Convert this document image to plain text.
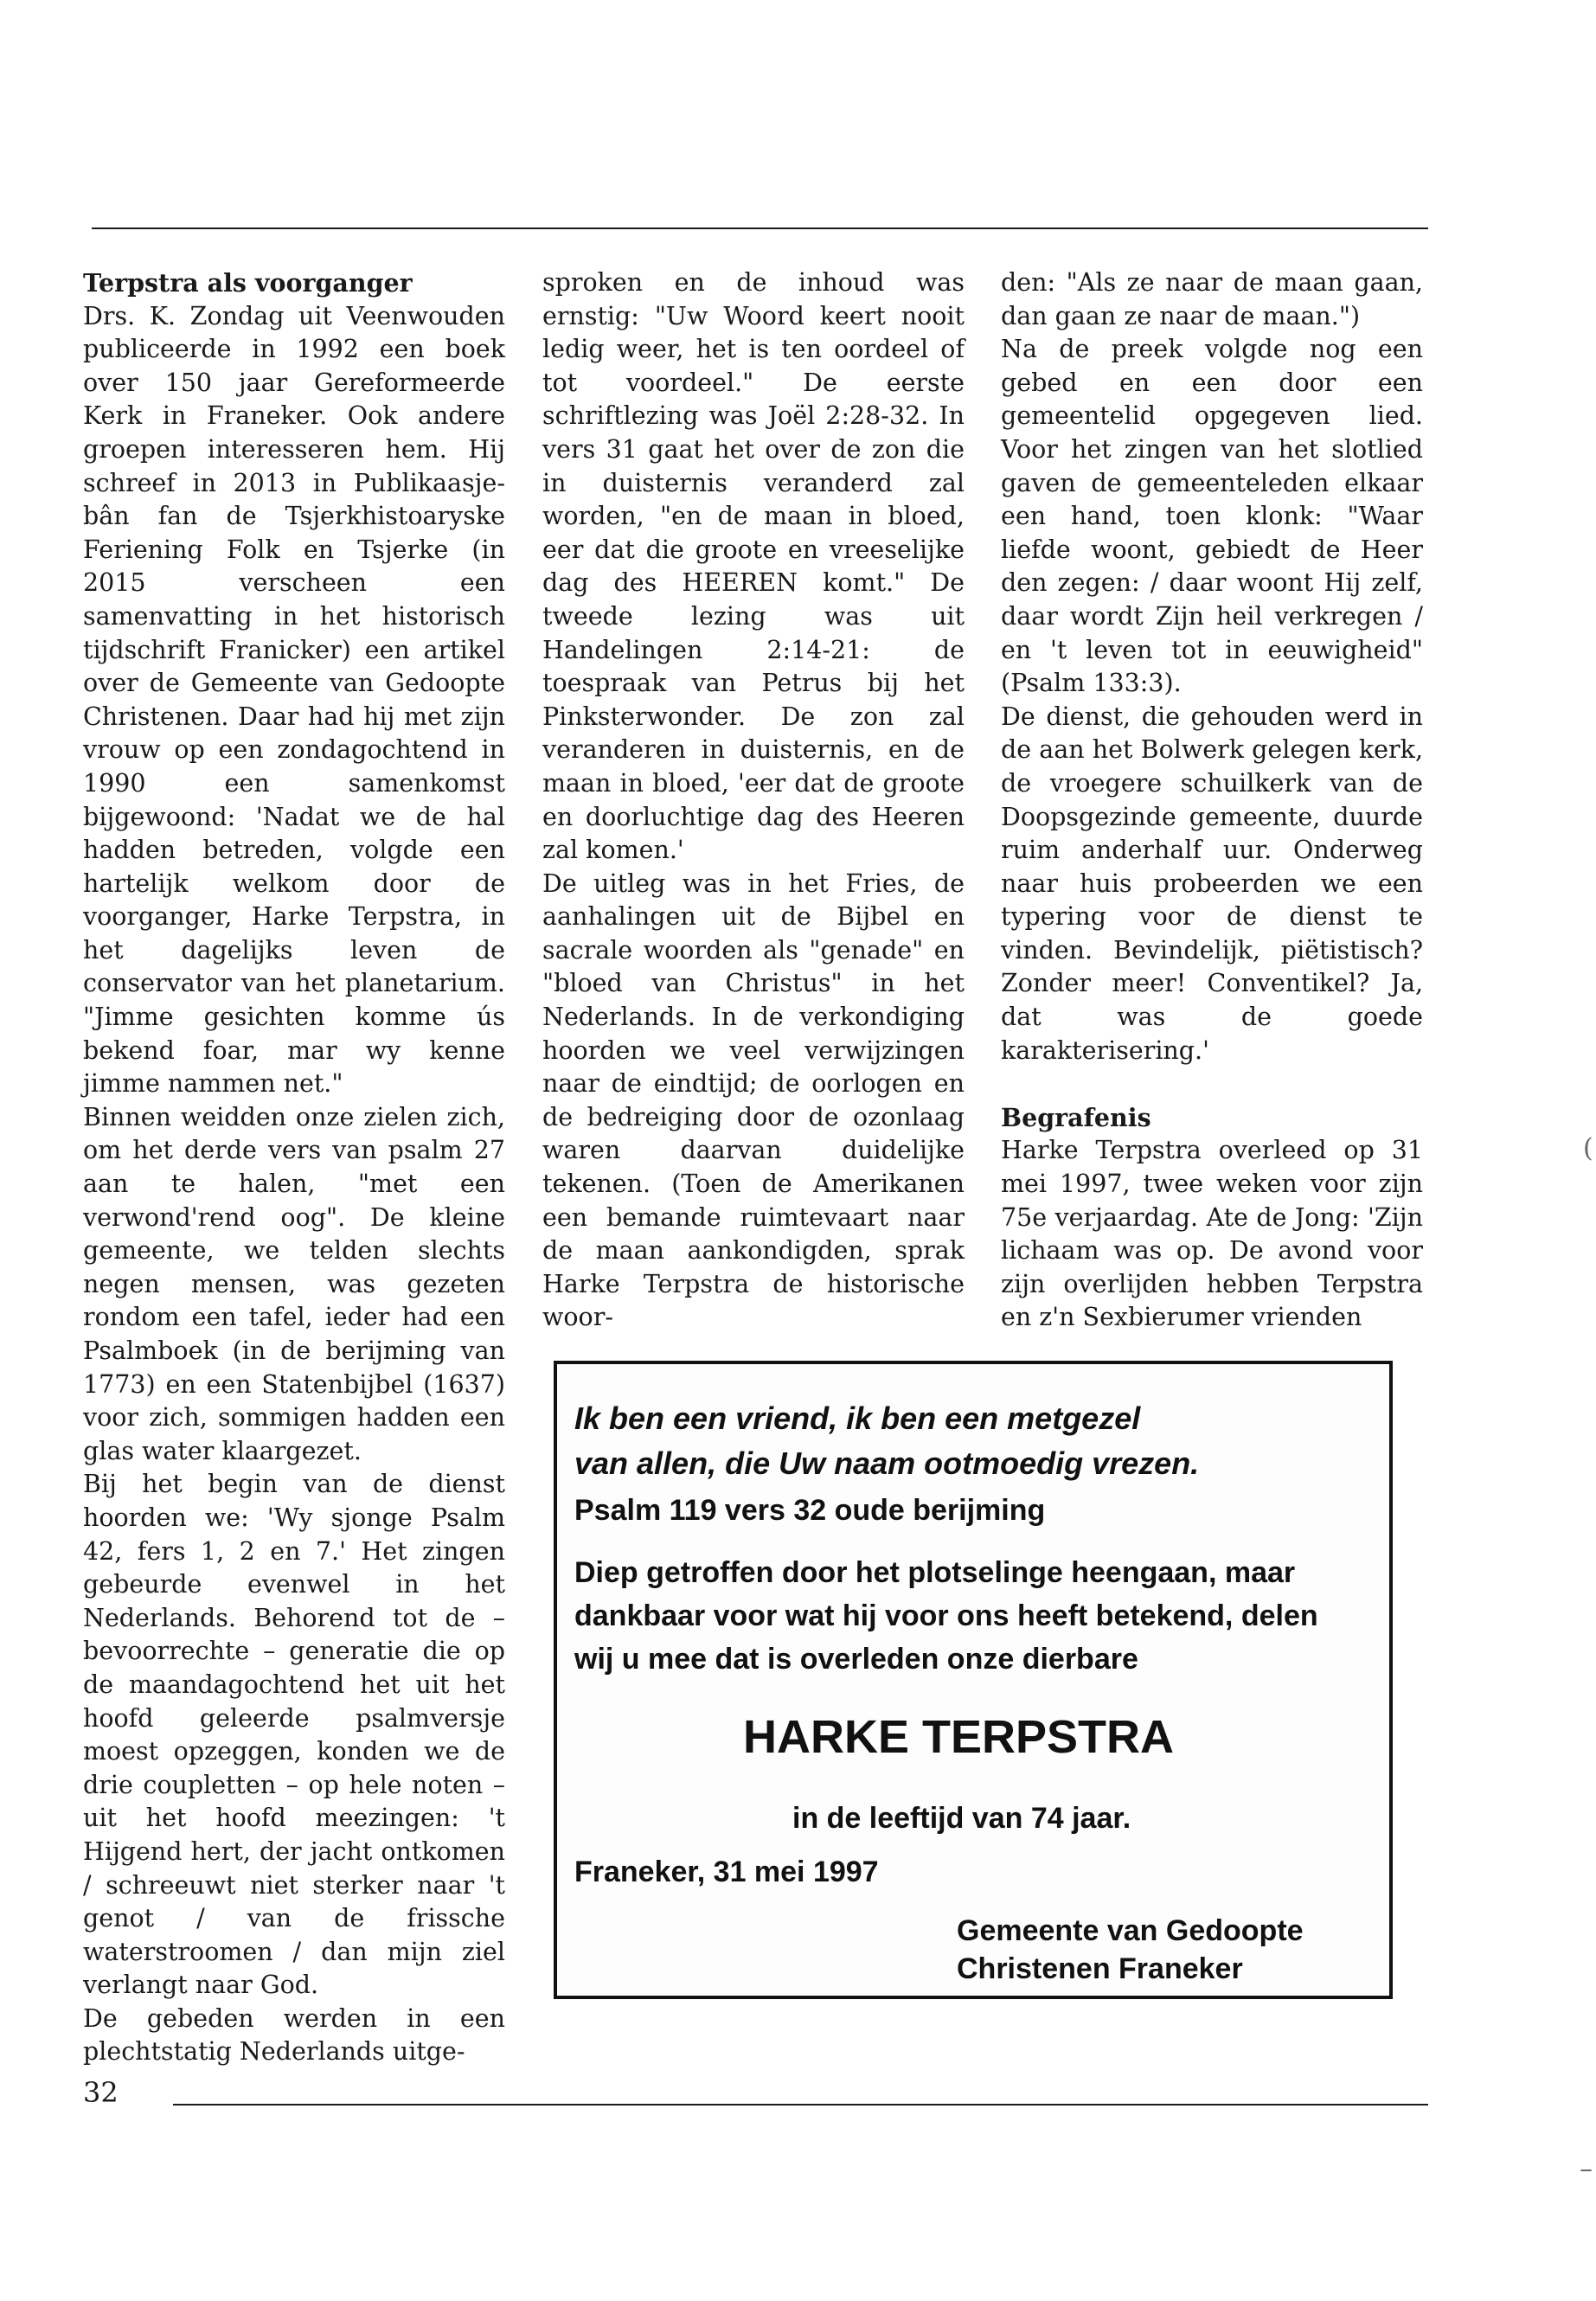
Terpstra als voorganger

Drs. K. Zondag uit Veenwouden publiceerde in 1992 een boek over 150 jaar Gereformeerde Kerk in Franeker. Ook andere groepen interesseren hem. Hij schreef in 2013 in Publikaasje-bân fan de Tsjerkhistoaryske Feriening Folk en Tsjerke (in 2015 verscheen een samenvatting in het historisch tijdschrift Franicker) een artikel over de Gemeente van Gedoopte Christenen. Daar had hij met zijn vrouw op een zondagochtend in 1990 een samenkomst bijgewoond: 'Nadat we de hal hadden betreden, volgde een hartelijk welkom door de voorganger, Harke Terpstra, in het dagelijks leven de conservator van het planetarium. "Jimme gesichten komme ús bekend foar, mar wy kenne jimme nammen net."

Binnen weidden onze zielen zich, om het derde vers van psalm 27 aan te halen, "met een verwond'rend oog". De kleine gemeente, we telden slechts negen mensen, was gezeten rondom een tafel, ieder had een Psalmboek (in de berijming van 1773) en een Statenbijbel (1637) voor zich, sommigen hadden een glas water klaargezet.

Bij het begin van de dienst hoorden we: 'Wy sjonge Psalm 42, fers 1, 2 en 7.' Het zingen gebeurde evenwel in het Nederlands. Behorend tot de – bevoorrechte – generatie die op de maandagochtend het uit het hoofd geleerde psalmversje moest opzeggen, konden we de drie coupletten – op hele noten – uit het hoofd meezingen: 't Hijgend hert, der jacht ontkomen / schreeuwt niet sterker naar 't genot / van de frissche waterstroomen / dan mijn ziel verlangt naar God.

De gebeden werden in een plechtstatig Nederlands uitge-

sproken en de inhoud was ernstig: "Uw Woord keert nooit ledig weer, het is ten oordeel of tot voordeel." De eerste schriftlezing was Joël 2:28-32. In vers 31 gaat het over de zon die in duisternis veranderd zal worden, "en de maan in bloed, eer dat die groote en vreeselijke dag des HEEREN komt." De tweede lezing was uit Handelingen 2:14-21: de toespraak van Petrus bij het Pinksterwonder. De zon zal veranderen in duisternis, en de maan in bloed, 'eer dat de groote en doorluchtige dag des Heeren zal komen.'

De uitleg was in het Fries, de aanhalingen uit de Bijbel en sacrale woorden als "genade" en "bloed van Christus" in het Nederlands. In de verkondiging hoorden we veel verwijzingen naar de eindtijd; de oorlogen en de bedreiging door de ozonlaag waren daarvan duidelijke tekenen. (Toen de Amerikanen een bemande ruimtevaart naar de maan aankondigden, sprak Harke Terpstra de historische woor-

den: "Als ze naar de maan gaan, dan gaan ze naar de maan.")

Na de preek volgde nog een gebed en een door een gemeentelid opgegeven lied. Voor het zingen van het slotlied gaven de gemeenteleden elkaar een hand, toen klonk: "Waar liefde woont, gebiedt de Heer den zegen: / daar woont Hij zelf, daar wordt Zijn heil verkregen / en 't leven tot in eeuwigheid" (Psalm 133:3).

De dienst, die gehouden werd in de aan het Bolwerk gelegen kerk, de vroegere schuilkerk van de Doopsgezinde gemeente, duurde ruim anderhalf uur. Onderweg naar huis probeerden we een typering voor de dienst te vinden. Bevindelijk, piëtistisch? Zonder meer! Conventikel? Ja, dat was de goede karakterisering.'

Begrafenis

Harke Terpstra overleed op 31 mei 1997, twee weken voor zijn 75e verjaardag. Ate de Jong: 'Zijn lichaam was op. De avond voor zijn overlijden hebben Terpstra en z'n Sexbierumer vrienden

Ik ben een vriend, ik ben een metgezel
van allen, die Uw naam ootmoedig vrezen.
Psalm 119 vers 32 oude berijming
Diep getroffen door het plotselinge heengaan, maar
dankbaar voor wat hij voor ons heeft betekend, delen
wij u mee dat is overleden onze dierbare
HARKE TERPSTRA
in de leeftijd van 74 jaar.
Franeker, 31 mei 1997
Gemeente van Gedoopte
Christenen Franeker
32
(
–
